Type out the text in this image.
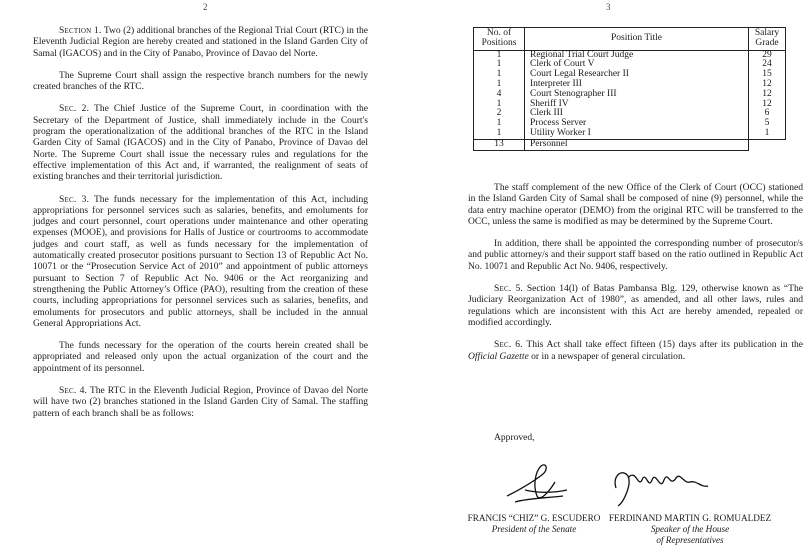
2

Section 1. Two (2) additional branches of the Regional Trial Court (RTC) in the Eleventh Judicial Region are hereby created and stationed in the Island Garden City of Samal (IGACOS) and in the City of Panabo, Province of Davao del Norte.

The Supreme Court shall assign the respective branch numbers for the newly created branches of the RTC.

Sec. 2. The Chief Justice of the Supreme Court, in coordination with the Secretary of the Department of Justice, shall immediately include in the Court's program the operationalization of the additional branches of the RTC in the Island Garden City of Samal (IGACOS) and in the City of Panabo, Province of Davao del Norte. The Supreme Court shall issue the necessary rules and regulations for the effective implementation of this Act and, if warranted, the realignment of seats of existing branches and their territorial jurisdiction.

Sec. 3. The funds necessary for the implementation of this Act, including appropriations for personnel services such as salaries, benefits, and emoluments for judges and court personnel, court operations under maintenance and other operating expenses (MOOE), and provisions for Halls of Justice or courtrooms to accommodate judges and court staff, as well as funds necessary for the implementation of automatically created prosecutor positions pursuant to Section 13 of Republic Act No. 10071 or the “Prosecution Service Act of 2010” and appointment of public attorneys pursuant to Section 7 of Republic Act No. 9406 or the Act reorganizing and strengthening the Public Attorney’s Office (PAO), resulting from the creation of these courts, including appropriations for personnel services such as salaries, benefits, and emoluments for prosecutors and public attorneys, shall be included in the annual General Appropriations Act.

The funds necessary for the operation of the courts herein created shall be appropriated and released only upon the actual organization of the court and the appointment of its personnel.

Sec. 4. The RTC in the Eleventh Judicial Region, Province of Davao del Norte will have two (2) branches stationed in the Island Garden City of Samal. The staffing pattern of each branch shall be as follows:

3
No. of Positions	Position Title	Salary Grade
1	Regional Trial Court Judge	29
1	Clerk of Court V	24
1	Court Legal Researcher II	15
1	Interpreter III	12
4	Court Stenographer III	12
1	Sheriff IV	12
2	Clerk III	6
1	Process Server	5
1	Utility Worker I	1
13	Personnel	

The staff complement of the new Office of the Clerk of Court (OCC) stationed in the Island Garden City of Samal shall be composed of nine (9) personnel, while the data entry machine operator (DEMO) from the original RTC will be transferred to the OCC, unless the same is modified as may be determined by the Supreme Court.

In addition, there shall be appointed the corresponding number of prosecutor/s and public attorney/s and their support staff based on the ratio outlined in Republic Act No. 10071 and Republic Act No. 9406, respectively.

Sec. 5. Section 14(l) of Batas Pambansa Blg. 129, otherwise known as “The Judiciary Reorganization Act of 1980”, as amended, and all other laws, rules and regulations which are inconsistent with this Act are hereby amended, repealed or modified accordingly.

Sec. 6. This Act shall take effect fifteen (15) days after its publication in the Official Gazette or in a newspaper of general circulation.

Approved,
FRANCIS “CHIZ” G. ESCUDERO
President of the Senate
FERDINAND MARTIN G. ROMUALDEZ
Speaker of the House
of Representatives
